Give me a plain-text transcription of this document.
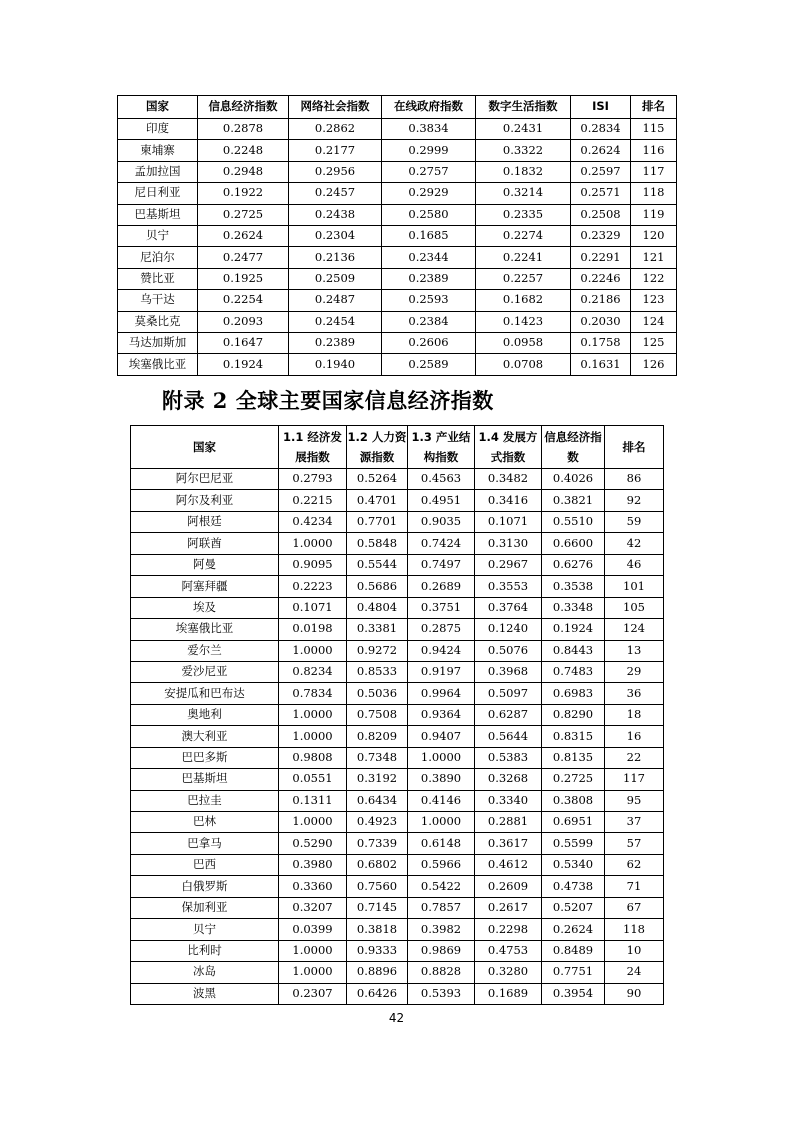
国家	信息经济指数	网络社会指数	在线政府指数	数字生活指数	ISI	排名
印度	0.2878	0.2862	0.3834	0.2431	0.2834	115
柬埔寨	0.2248	0.2177	0.2999	0.3322	0.2624	116
孟加拉国	0.2948	0.2956	0.2757	0.1832	0.2597	117
尼日利亚	0.1922	0.2457	0.2929	0.3214	0.2571	118
巴基斯坦	0.2725	0.2438	0.2580	0.2335	0.2508	119
贝宁	0.2624	0.2304	0.1685	0.2274	0.2329	120
尼泊尔	0.2477	0.2136	0.2344	0.2241	0.2291	121
赞比亚	0.1925	0.2509	0.2389	0.2257	0.2246	122
乌干达	0.2254	0.2487	0.2593	0.1682	0.2186	123
莫桑比克	0.2093	0.2454	0.2384	0.1423	0.2030	124
马达加斯加	0.1647	0.2389	0.2606	0.0958	0.1758	125
埃塞俄比亚	0.1924	0.1940	0.2589	0.0708	0.1631	126
附录 2 全球主要国家信息经济指数
国家	1.1 经济发展指数	1.2 人力资源指数	1.3 产业结构指数	1.4 发展方式指数	信息经济指数	排名
阿尔巴尼亚	0.2793	0.5264	0.4563	0.3482	0.4026	86
阿尔及利亚	0.2215	0.4701	0.4951	0.3416	0.3821	92
阿根廷	0.4234	0.7701	0.9035	0.1071	0.5510	59
阿联酋	1.0000	0.5848	0.7424	0.3130	0.6600	42
阿曼	0.9095	0.5544	0.7497	0.2967	0.6276	46
阿塞拜疆	0.2223	0.5686	0.2689	0.3553	0.3538	101
埃及	0.1071	0.4804	0.3751	0.3764	0.3348	105
埃塞俄比亚	0.0198	0.3381	0.2875	0.1240	0.1924	124
爱尔兰	1.0000	0.9272	0.9424	0.5076	0.8443	13
爱沙尼亚	0.8234	0.8533	0.9197	0.3968	0.7483	29
安提瓜和巴布达	0.7834	0.5036	0.9964	0.5097	0.6983	36
奥地利	1.0000	0.7508	0.9364	0.6287	0.8290	18
澳大利亚	1.0000	0.8209	0.9407	0.5644	0.8315	16
巴巴多斯	0.9808	0.7348	1.0000	0.5383	0.8135	22
巴基斯坦	0.0551	0.3192	0.3890	0.3268	0.2725	117
巴拉圭	0.1311	0.6434	0.4146	0.3340	0.3808	95
巴林	1.0000	0.4923	1.0000	0.2881	0.6951	37
巴拿马	0.5290	0.7339	0.6148	0.3617	0.5599	57
巴西	0.3980	0.6802	0.5966	0.4612	0.5340	62
白俄罗斯	0.3360	0.7560	0.5422	0.2609	0.4738	71
保加利亚	0.3207	0.7145	0.7857	0.2617	0.5207	67
贝宁	0.0399	0.3818	0.3982	0.2298	0.2624	118
比利时	1.0000	0.9333	0.9869	0.4753	0.8489	10
冰岛	1.0000	0.8896	0.8828	0.3280	0.7751	24
波黑	0.2307	0.6426	0.5393	0.1689	0.3954	90
42
